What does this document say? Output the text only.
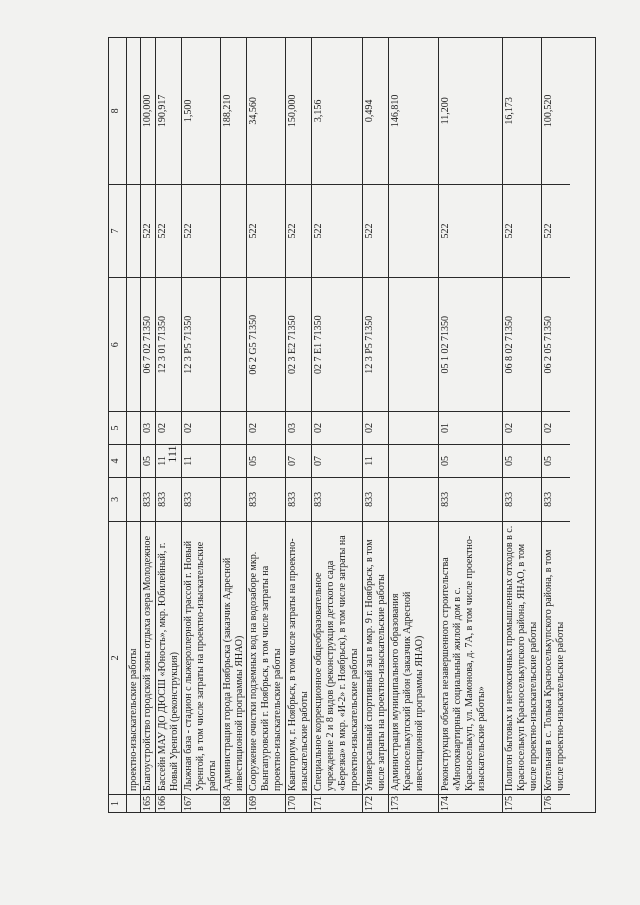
111
1
2
3
4
5
6
7
8
проектно-изыскательские работы
165
Благоустройство городской зоны отдыха озера Молодежное
833
05
03
06 7 02 71350
522
100,000
166
Бассейн МАУ ДО ДЮСШ «Юность», мкр. Юбилейный, г. Новый Уренгой (реконструкция)
833
11
02
12 3 01 71350
522
190,917
167
Лыжная база - стадион с лыжероллерной трассой г. Новый Уренгой, в том числе затраты на проектно-изыскательские работы
833
11
02
12 3 P5 71350
522
1,500
168
Администрация города Ноябрьска (заказчик Адресной инвестиционной программы ЯНАО)
188,210
169
Сооружение очистки подземных вод на водозаборе мкр. Вынгапуровский г. Ноябрьск, в том числе затраты на проектно-изыскательские работы
833
05
02
06 2 G5 71350
522
34,560
170
Кванториум, г. Ноябрьск, в том числе затраты на проектно-изыскательские работы
833
07
03
02 3 E2 71350
522
150,000
171
Специальное коррекционное общеобразовательное учреждение 2 и 8 видов (реконструкция детского сада «Березка» в мкр. «И-2» г. Ноябрьск), в том числе затраты на проектно-изыскательские работы
833
07
02
02 7 E1 71350
522
3,156
172
Универсальный спортивный зал в мкр. 9 г. Ноябрьск, в том числе затраты на проектно-изыскательские работы
833
11
02
12 3 P5 71350
522
0,494
173
Администрация муниципального образования Красноселькупский район (заказчик Адресной инвестиционной программы ЯНАО)
146,810
174
Реконструкция объекта незавершенного строительства «Многоквартирный социальный жилой дом в с. Красноселькуп, ул. Мамонова, д. 7А, в том числе проектно-изыскательские работы»
833
05
01
05 1 02 71350
522
11,200
175
Полигон бытовых и нетоксичных промышленных отходов в с. Красноселькуп Красноселькупского района, ЯНАО, в том числе проектно-изыскательские работы
833
05
02
06 8 02 71350
522
16,173
176
Котельная в с. Толька Красноселькупского района, в том числе проектно-изыскательские работы
833
05
02
06 2 05 71350
522
100,520
